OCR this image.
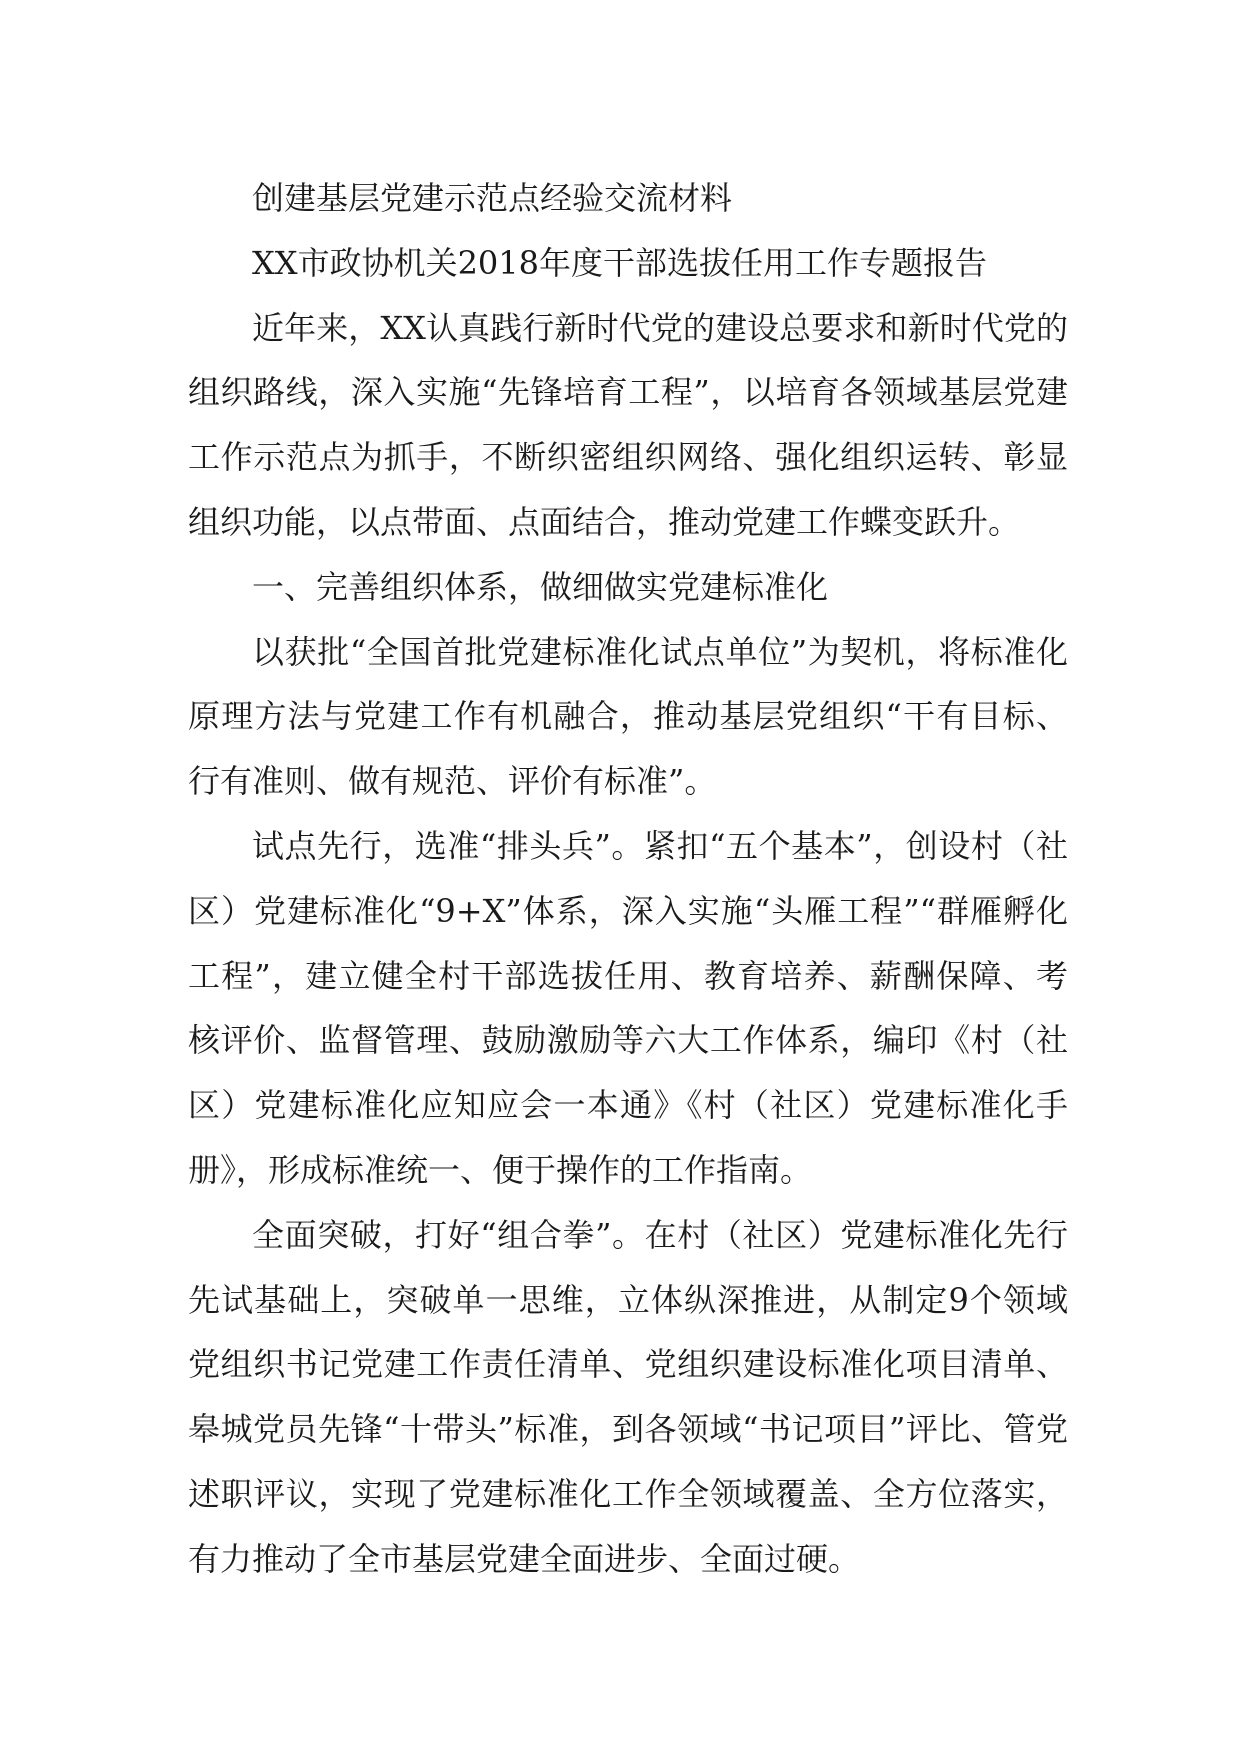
创建基层党建示范点经验交流材料

XX市政协机关2018年度干部选拔任用工作专题报告

近年来，XX认真践行新时代党的建设总要求和新时代党的组织路线，深入实施“先锋培育工程”，以培育各领域基层党建工作示范点为抓手，不断织密组织网络、强化组织运转、彰显组织功能，以点带面、点面结合，推动党建工作蝶变跃升。

一、完善组织体系，做细做实党建标准化

以获批“全国首批党建标准化试点单位”为契机，将标准化原理方法与党建工作有机融合，推动基层党组织“干有目标、行有准则、做有规范、评价有标准”。

试点先行，选准“排头兵”。紧扣“五个基本”，创设村（社区）党建标准化“9+X”体系，深入实施“头雁工程”“群雁孵化工程”，建立健全村干部选拔任用、教育培养、薪酬保障、考核评价、监督管理、鼓励激励等六大工作体系，编印《村（社区）党建标准化应知应会一本通》《村（社区）党建标准化手册》，形成标准统一、便于操作的工作指南。

全面突破，打好“组合拳”。在村（社区）党建标准化先行先试基础上，突破单一思维，立体纵深推进，从制定9个领域党组织书记党建工作责任清单、党组织建设标准化项目清单、皋城党员先锋“十带头”标准，到各领域“书记项目”评比、管党述职评议，实现了党建标准化工作全领域覆盖、全方位落实，有力推动了全市基层党建全面进步、全面过硬。
